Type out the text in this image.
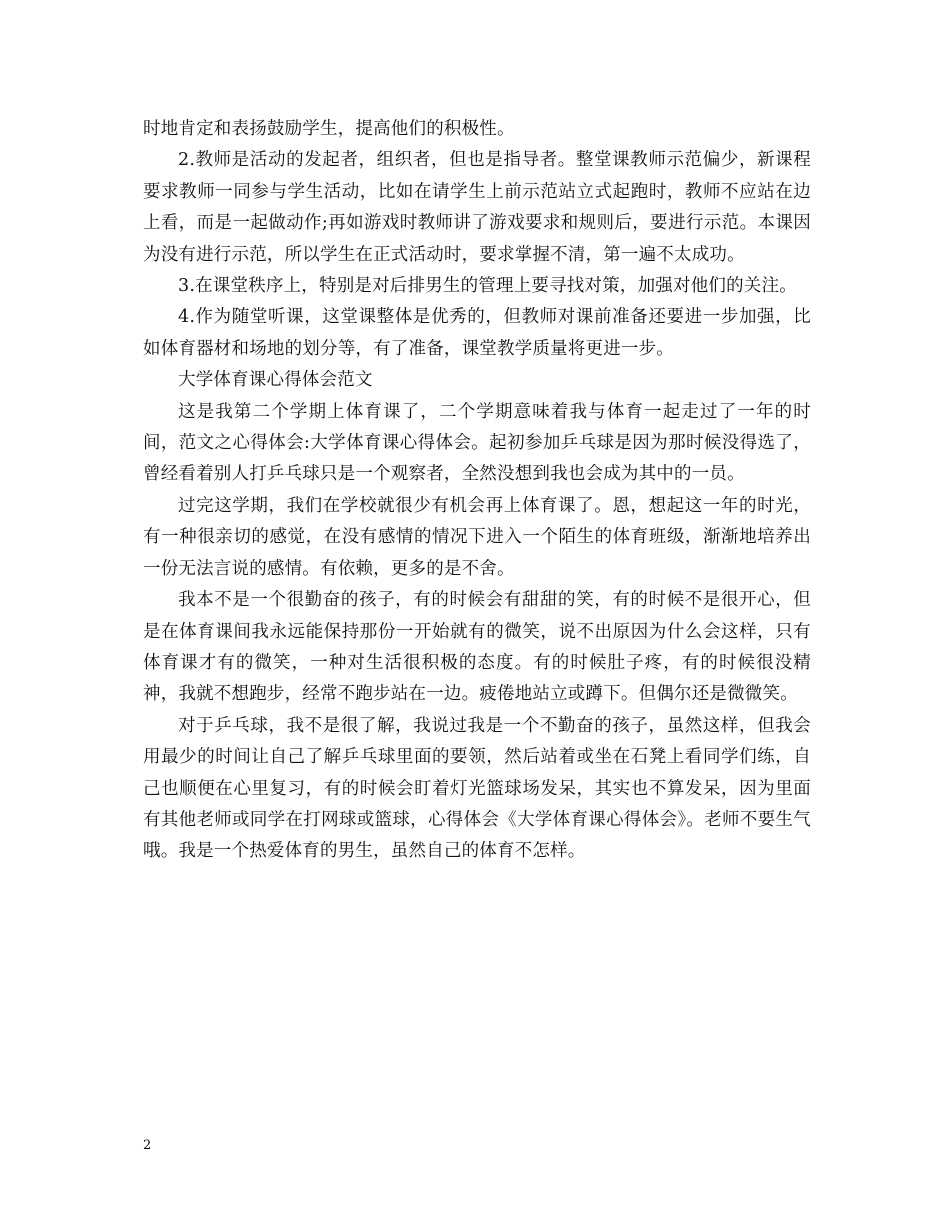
时地肯定和表扬鼓励学生，提高他们的积极性。

2.教师是活动的发起者，组织者，但也是指导者。整堂课教师示范偏少，新课程要求教师一同参与学生活动，比如在请学生上前示范站立式起跑时，教师不应站在边上看，而是一起做动作;再如游戏时教师讲了游戏要求和规则后，要进行示范。本课因为没有进行示范，所以学生在正式活动时，要求掌握不清，第一遍不太成功。

3.在课堂秩序上，特别是对后排男生的管理上要寻找对策，加强对他们的关注。

4.作为随堂听课，这堂课整体是优秀的，但教师对课前准备还要进一步加强，比如体育器材和场地的划分等，有了准备，课堂教学质量将更进一步。

大学体育课心得体会范文

这是我第二个学期上体育课了，二个学期意味着我与体育一起走过了一年的时间，范文之心得体会:大学体育课心得体会。起初参加乒乓球是因为那时候没得选了，曾经看着别人打乒乓球只是一个观察者，全然没想到我也会成为其中的一员。

过完这学期，我们在学校就很少有机会再上体育课了。恩，想起这一年的时光，有一种很亲切的感觉，在没有感情的情况下进入一个陌生的体育班级，渐渐地培养出一份无法言说的感情。有依赖，更多的是不舍。

我本不是一个很勤奋的孩子，有的时候会有甜甜的笑，有的时候不是很开心，但是在体育课间我永远能保持那份一开始就有的微笑，说不出原因为什么会这样，只有体育课才有的微笑，一种对生活很积极的态度。有的时候肚子疼，有的时候很没精神，我就不想跑步，经常不跑步站在一边。疲倦地站立或蹲下。但偶尔还是微微笑。

对于乒乓球，我不是很了解，我说过我是一个不勤奋的孩子，虽然这样，但我会用最少的时间让自己了解乒乓球里面的要领，然后站着或坐在石凳上看同学们练，自己也顺便在心里复习，有的时候会盯着灯光篮球场发呆，其实也不算发呆，因为里面有其他老师或同学在打网球或篮球，心得体会《大学体育课心得体会》。老师不要生气哦。我是一个热爱体育的男生，虽然自己的体育不怎样。

2
